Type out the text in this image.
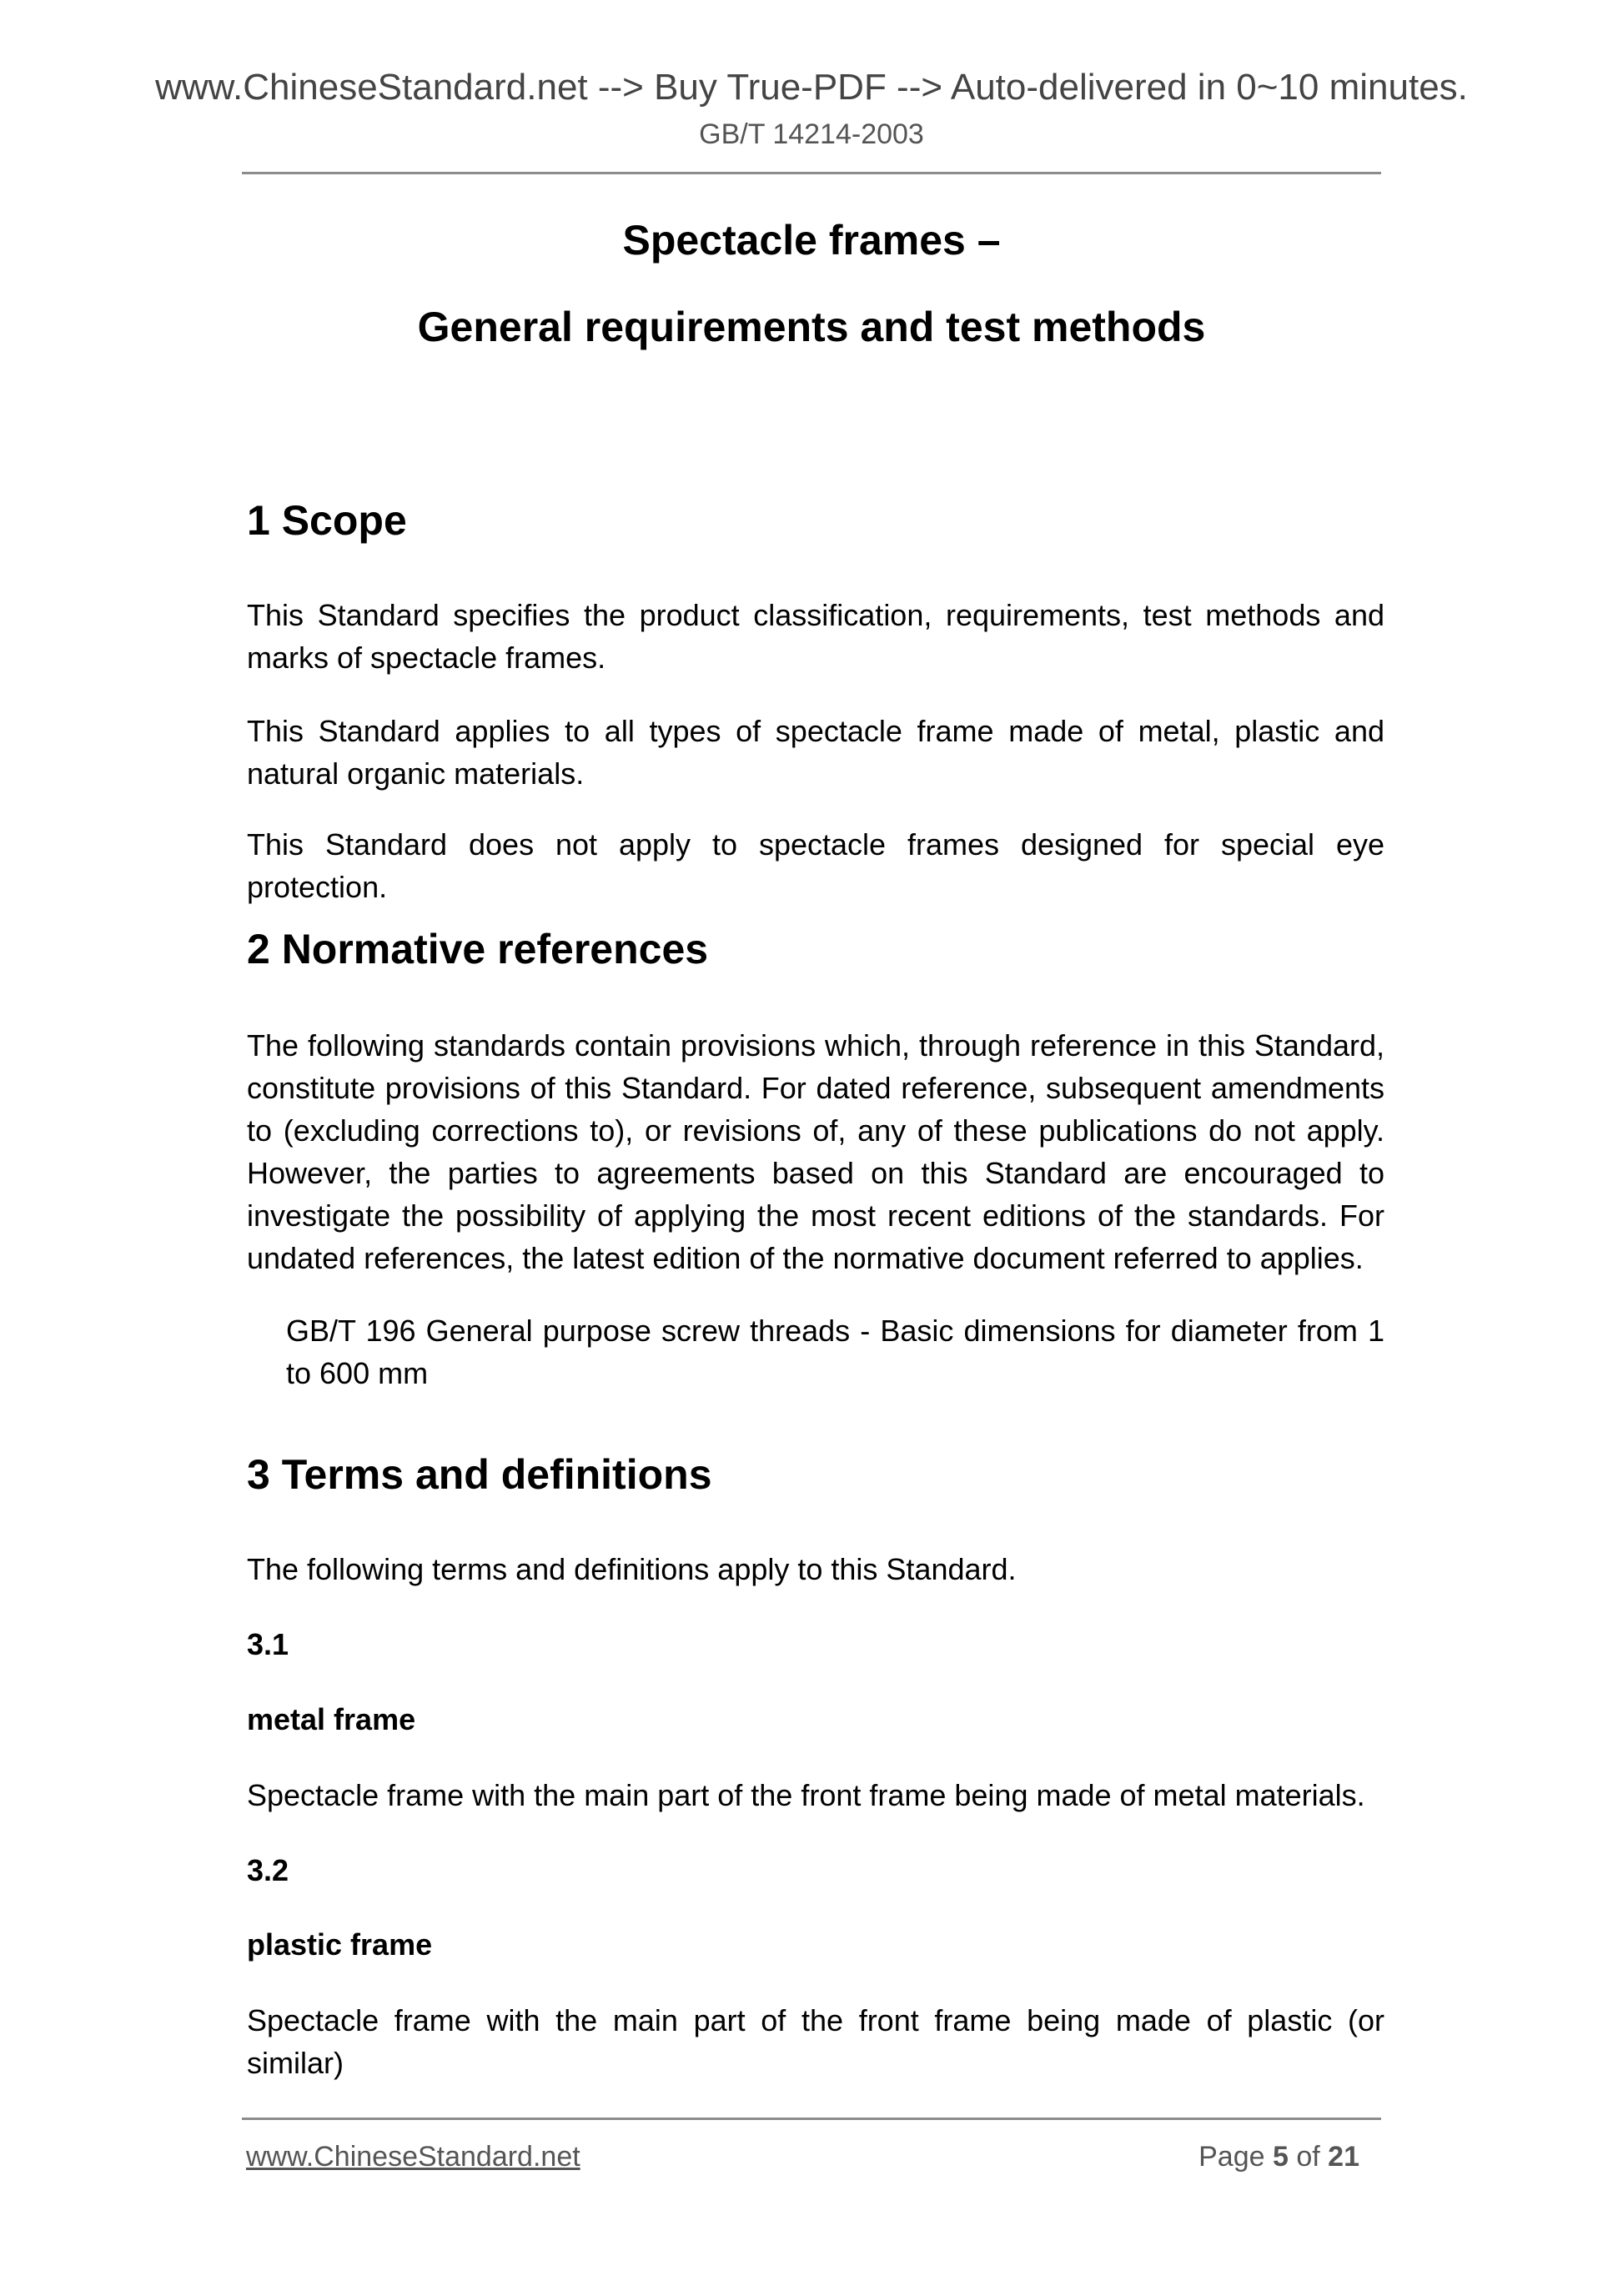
www.ChineseStandard.net --> Buy True-PDF --> Auto-delivered in 0~10 minutes.
GB/T 14214-2003
Spectacle frames –
General requirements and test methods
1 Scope
This Standard specifies the product classification, requirements, test methods and marks of spectacle frames.
This Standard applies to all types of spectacle frame made of metal, plastic and natural organic materials.
This Standard does not apply to spectacle frames designed for special eye protection.
2 Normative references
The following standards contain provisions which, through reference in this Standard, constitute provisions of this Standard. For dated reference, subsequent amendments to (excluding corrections to), or revisions of, any of these publications do not apply. However, the parties to agreements based on this Standard are encouraged to investigate the possibility of applying the most recent editions of the standards. For undated references, the latest edition of the normative document referred to applies.
GB/T 196 General purpose screw threads - Basic dimensions for diameter from 1 to 600 mm
3 Terms and definitions
The following terms and definitions apply to this Standard.
3.1
metal frame
Spectacle frame with the main part of the front frame being made of metal materials.
3.2
plastic frame
Spectacle frame with the main part of the front frame being made of plastic (or similar)
www.ChineseStandard.net	Page 5 of 21
